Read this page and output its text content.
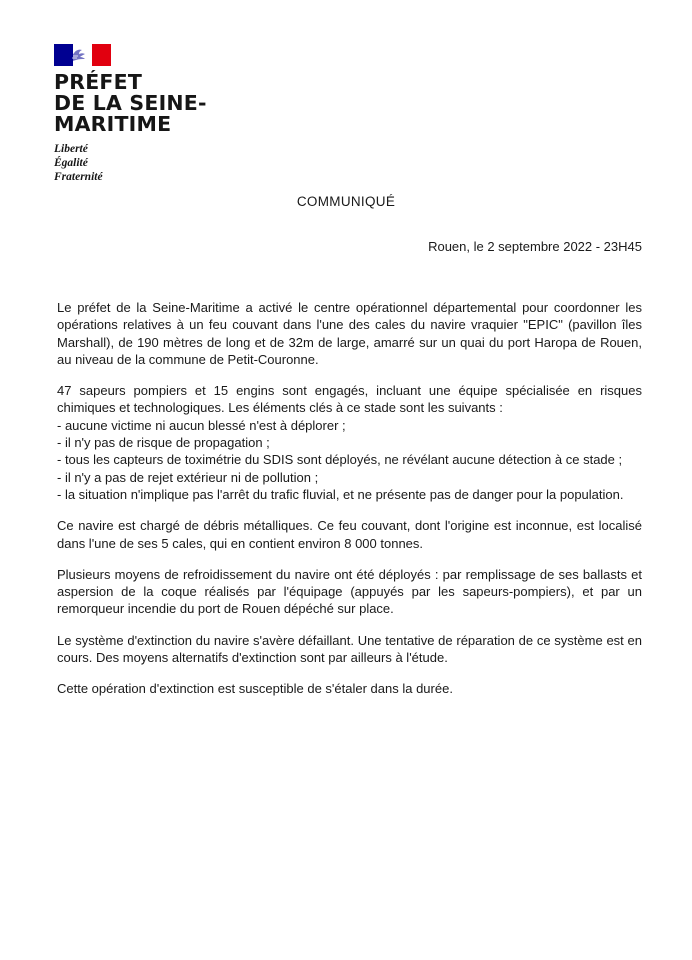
PRÉFET
DE LA SEINE-
MARITIME
Liberté
Égalité
Fraternité
COMMUNIQUÉ
Rouen, le 2 septembre 2022 - 23H45

Le préfet de la Seine-Maritime a activé le centre opérationnel départemental pour coordonner les opérations relatives à un feu couvant dans l'une des cales du navire vraquier "EPIC" (pavillon îles Marshall), de 190 mètres de long et de 32m de large, amarré sur un quai du port Haropa de Rouen, au niveau de la commune de Petit-Couronne.

47 sapeurs pompiers et 15 engins sont engagés, incluant une équipe spécialisée en risques chimiques et technologiques. Les éléments clés à ce stade sont les suivants :

- aucune victime ni aucun blessé n'est à déplorer ;
- il n'y pas de risque de propagation ;
- tous les capteurs de toximétrie du SDIS sont déployés, ne révélant aucune détection à ce stade ;
- il n'y a pas de rejet extérieur ni de pollution ;
- la situation n'implique pas l'arrêt du trafic fluvial, et ne présente pas de danger pour la population.

Ce navire est chargé de débris métalliques. Ce feu couvant, dont l'origine est inconnue, est localisé dans l'une de ses 5 cales, qui en contient environ 8 000 tonnes.

Plusieurs moyens de refroidissement du navire ont été déployés : par remplissage de ses ballasts et aspersion de la coque réalisés par l'équipage (appuyés par les sapeurs-pompiers), et par un remorqueur incendie du port de Rouen dépéché sur place.

Le système d'extinction du navire s'avère défaillant. Une tentative de réparation de ce système est en cours. Des moyens alternatifs d'extinction sont par ailleurs à l'étude.

Cette opération d'extinction est susceptible de s'étaler dans la durée.
